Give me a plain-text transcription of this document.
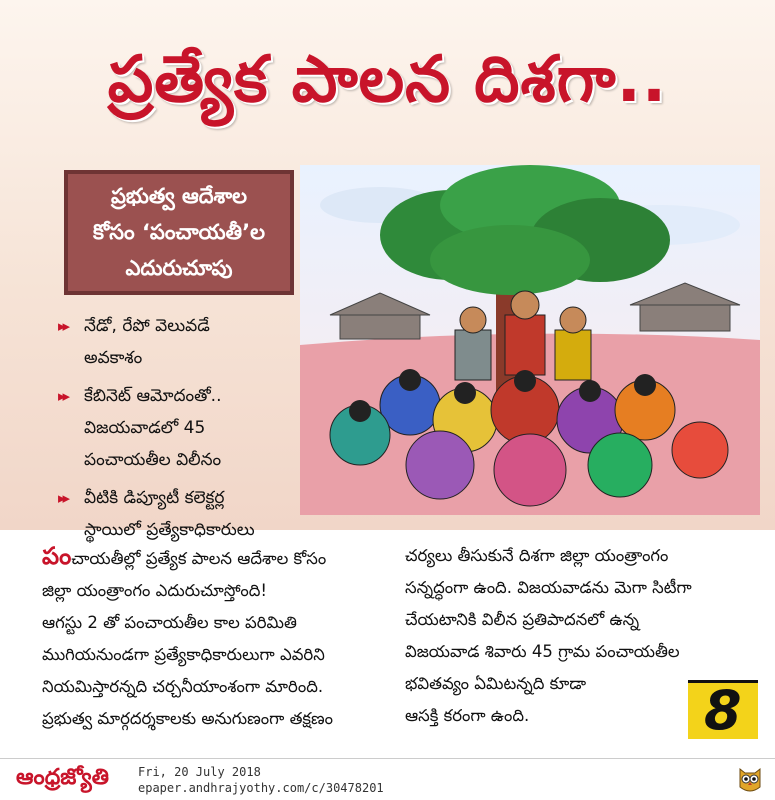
ప్రత్యేక పాలన దిశగా..
ప్రభుత్వ ఆదేశాల
కోసం ‘పంచాయతీ’ల
ఎదురుచూపు
▸▸ నేడో, రేపో వెలువడే
అవకాశం
▸▸ కేబినెట్ ఆమోదంతో..
విజయవాడలో 45
పంచాయతీల విలీనం
▸▸ వీటికి డిప్యూటీ కలెక్టర్ల
స్థాయిలో ప్రత్యేకాధికారులు
పంచాయతీల్లో ప్రత్యేక పాలన ఆదేశాల కోసం
జిల్లా యంత్రాంగం ఎదురుచూస్తోంది!
ఆగస్టు 2 తో పంచాయతీల కాల పరిమితి
ముగియనుండగా ప్రత్యేకాధికారులుగా ఎవరిని
నియమిస్తారన్నది చర్చనీయాంశంగా మారింది.
ప్రభుత్వ మార్గదర్శకాలకు అనుగుణంగా తక్షణం
చర్యలు తీసుకునే దిశగా జిల్లా యంత్రాంగం
సన్నద్ధంగా ఉంది. విజయవాడను మెగా సిటీగా
చేయటానికి విలీన ప్రతిపాదనలో ఉన్న
విజయవాడ శివారు 45 గ్రామ పంచాయతీల
భవితవ్యం ఏమిటన్నది కూడా
ఆసక్తి కరంగా ఉంది.	8
ఆంధ్రజ్యోతి Fri, 20 July 2018
epaper.andhrajyothy.com/c/30478201
